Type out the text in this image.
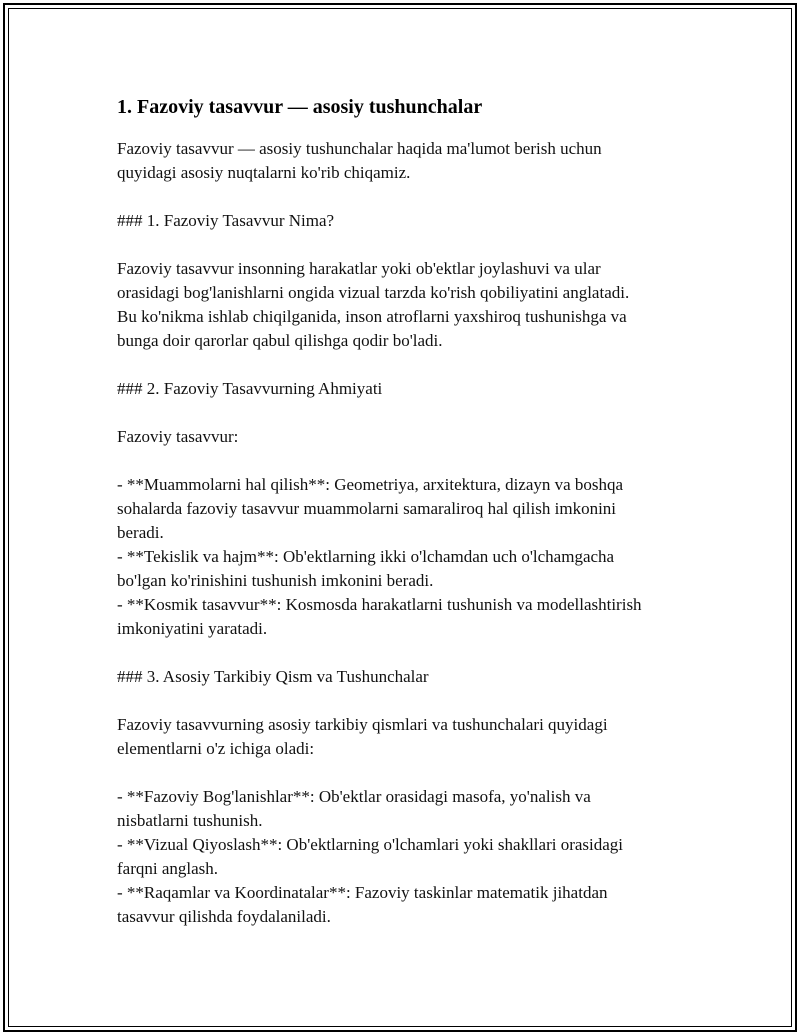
1. Fazoviy tasavvur — asosiy tushunchalar
Fazoviy tasavvur — asosiy tushunchalar haqida ma'lumot berish uchun
quyidagi asosiy nuqtalarni ko'rib chiqamiz.
### 1. Fazoviy Tasavvur Nima?
Fazoviy tasavvur insonning harakatlar yoki ob'ektlar joylashuvi va ular
orasidagi bog'lanishlarni ongida vizual tarzda ko'rish qobiliyatini anglatadi.
Bu ko'nikma ishlab chiqilganida, inson atroflarni yaxshiroq tushunishga va
bunga doir qarorlar qabul qilishga qodir bo'ladi.
### 2. Fazoviy Tasavvurning Ahmiyati
Fazoviy tasavvur:
- **Muammolarni hal qilish**: Geometriya, arxitektura, dizayn va boshqa
sohalarda fazoviy tasavvur muammolarni samaraliroq hal qilish imkonini
beradi.
- **Tekislik va hajm**: Ob'ektlarning ikki o'lchamdan uch o'lchamgacha
bo'lgan ko'rinishini tushunish imkonini beradi.
- **Kosmik tasavvur**: Kosmosda harakatlarni tushunish va modellashtirish
imkoniyatini yaratadi.
### 3. Asosiy Tarkibiy Qism va Tushunchalar
Fazoviy tasavvurning asosiy tarkibiy qismlari va tushunchalari quyidagi
elementlarni o'z ichiga oladi:
- **Fazoviy Bog'lanishlar**: Ob'ektlar orasidagi masofa, yo'nalish va
nisbatlarni tushunish.
- **Vizual Qiyoslash**: Ob'ektlarning o'lchamlari yoki shakllari orasidagi
farqni anglash.
- **Raqamlar va Koordinatalar**: Fazoviy taskinlar matematik jihatdan
tasavvur qilishda foydalaniladi.
